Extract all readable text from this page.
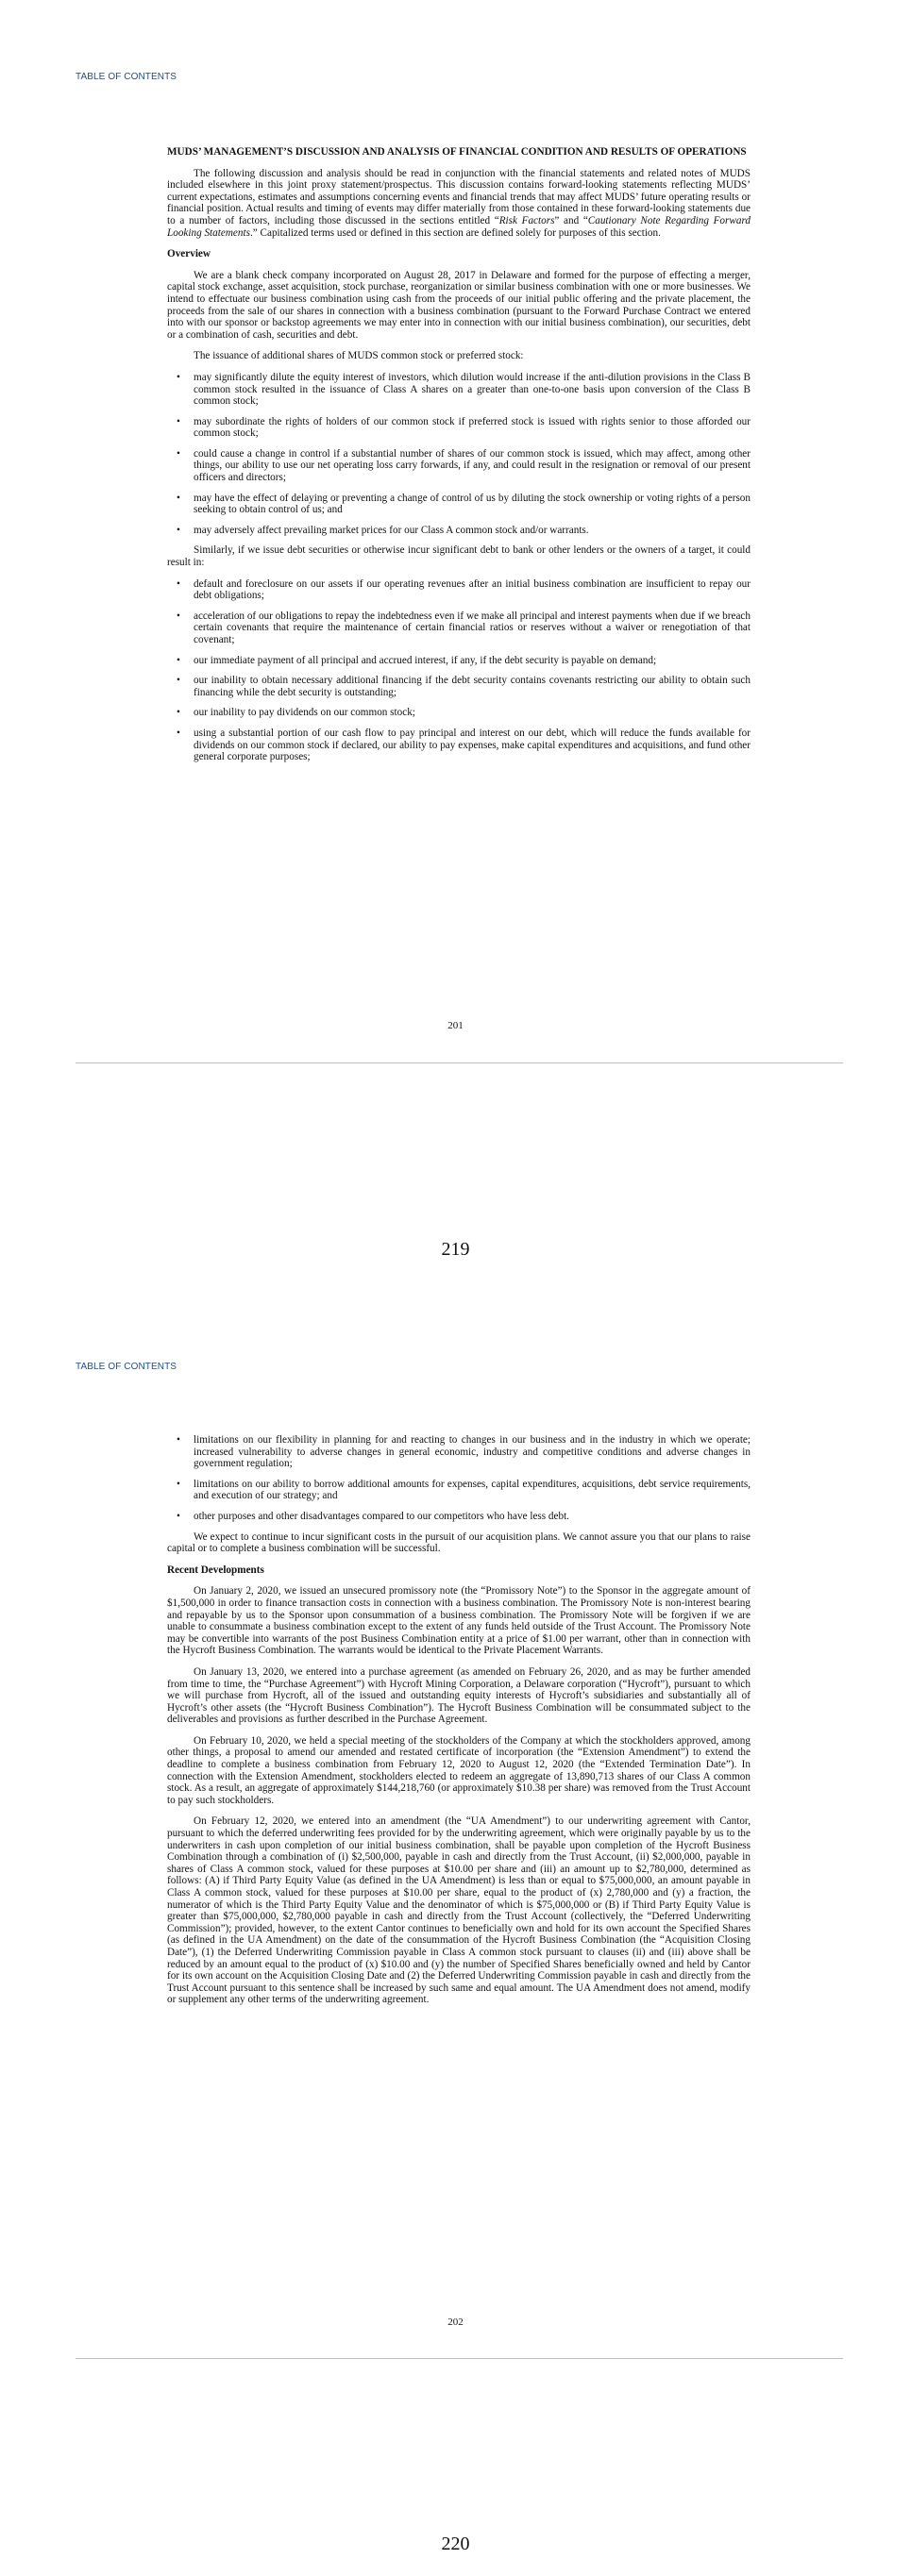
TABLE OF CONTENTS

MUDS’ MANAGEMENT’S DISCUSSION AND ANALYSIS OF FINANCIAL CONDITION AND RESULTS OF OPERATIONS

The following discussion and analysis should be read in conjunction with the financial statements and related notes of MUDS included elsewhere in this joint proxy statement/prospectus. This discussion contains forward-looking statements reflecting MUDS’ current expectations, estimates and assumptions concerning events and financial trends that may affect MUDS’ future operating results or financial position. Actual results and timing of events may differ materially from those contained in these forward-looking statements due to a number of factors, including those discussed in the sections entitled “Risk Factors” and “Cautionary Note Regarding Forward Looking Statements.” Capitalized terms used or defined in this section are defined solely for purposes of this section.

Overview

We are a blank check company incorporated on August 28, 2017 in Delaware and formed for the purpose of effecting a merger, capital stock exchange, asset acquisition, stock purchase, reorganization or similar business combination with one or more businesses. We intend to effectuate our business combination using cash from the proceeds of our initial public offering and the private placement, the proceeds from the sale of our shares in connection with a business combination (pursuant to the Forward Purchase Contract we entered into with our sponsor or backstop agreements we may enter into in connection with our initial business combination), our securities, debt or a combination of cash, securities and debt.

The issuance of additional shares of MUDS common stock or preferred stock:

• may significantly dilute the equity interest of investors, which dilution would increase if the anti-dilution provisions in the Class B common stock resulted in the issuance of Class A shares on a greater than one-to-one basis upon conversion of the Class B common stock;
• may subordinate the rights of holders of our common stock if preferred stock is issued with rights senior to those afforded our common stock;
• could cause a change in control if a substantial number of shares of our common stock is issued, which may affect, among other things, our ability to use our net operating loss carry forwards, if any, and could result in the resignation or removal of our present officers and directors;
• may have the effect of delaying or preventing a change of control of us by diluting the stock ownership or voting rights of a person seeking to obtain control of us; and
• may adversely affect prevailing market prices for our Class A common stock and/or warrants.

Similarly, if we issue debt securities or otherwise incur significant debt to bank or other lenders or the owners of a target, it could result in:

• default and foreclosure on our assets if our operating revenues after an initial business combination are insufficient to repay our debt obligations;
• acceleration of our obligations to repay the indebtedness even if we make all principal and interest payments when due if we breach certain covenants that require the maintenance of certain financial ratios or reserves without a waiver or renegotiation of that covenant;
• our immediate payment of all principal and accrued interest, if any, if the debt security is payable on demand;
• our inability to obtain necessary additional financing if the debt security contains covenants restricting our ability to obtain such financing while the debt security is outstanding;
• our inability to pay dividends on our common stock;
• using a substantial portion of our cash flow to pay principal and interest on our debt, which will reduce the funds available for dividends on our common stock if declared, our ability to pay expenses, make capital expenditures and acquisitions, and fund other general corporate purposes;
201
219
TABLE OF CONTENTS
• limitations on our flexibility in planning for and reacting to changes in our business and in the industry in which we operate; increased vulnerability to adverse changes in general economic, industry and competitive conditions and adverse changes in government regulation;
• limitations on our ability to borrow additional amounts for expenses, capital expenditures, acquisitions, debt service requirements, and execution of our strategy; and
• other purposes and other disadvantages compared to our competitors who have less debt.

We expect to continue to incur significant costs in the pursuit of our acquisition plans. We cannot assure you that our plans to raise capital or to complete a business combination will be successful.

Recent Developments

On January 2, 2020, we issued an unsecured promissory note (the “Promissory Note”) to the Sponsor in the aggregate amount of $1,500,000 in order to finance transaction costs in connection with a business combination. The Promissory Note is non-interest bearing and repayable by us to the Sponsor upon consummation of a business combination. The Promissory Note will be forgiven if we are unable to consummate a business combination except to the extent of any funds held outside of the Trust Account. The Promissory Note may be convertible into warrants of the post Business Combination entity at a price of $1.00 per warrant, other than in connection with the Hycroft Business Combination. The warrants would be identical to the Private Placement Warrants.

On January 13, 2020, we entered into a purchase agreement (as amended on February 26, 2020, and as may be further amended from time to time, the “Purchase Agreement”) with Hycroft Mining Corporation, a Delaware corporation (“Hycroft”), pursuant to which we will purchase from Hycroft, all of the issued and outstanding equity interests of Hycroft’s subsidiaries and substantially all of Hycroft’s other assets (the “Hycroft Business Combination”). The Hycroft Business Combination will be consummated subject to the deliverables and provisions as further described in the Purchase Agreement.

On February 10, 2020, we held a special meeting of the stockholders of the Company at which the stockholders approved, among other things, a proposal to amend our amended and restated certificate of incorporation (the “Extension Amendment”) to extend the deadline to complete a business combination from February 12, 2020 to August 12, 2020 (the “Extended Termination Date”). In connection with the Extension Amendment, stockholders elected to redeem an aggregate of 13,890,713 shares of our Class A common stock. As a result, an aggregate of approximately $144,218,760 (or approximately $10.38 per share) was removed from the Trust Account to pay such stockholders.

On February 12, 2020, we entered into an amendment (the “UA Amendment”) to our underwriting agreement with Cantor, pursuant to which the deferred underwriting fees provided for by the underwriting agreement, which were originally payable by us to the underwriters in cash upon completion of our initial business combination, shall be payable upon completion of the Hycroft Business Combination through a combination of (i) $2,500,000, payable in cash and directly from the Trust Account, (ii) $2,000,000, payable in shares of Class A common stock, valued for these purposes at $10.00 per share and (iii) an amount up to $2,780,000, determined as follows: (A) if Third Party Equity Value (as defined in the UA Amendment) is less than or equal to $75,000,000, an amount payable in Class A common stock, valued for these purposes at $10.00 per share, equal to the product of (x) 2,780,000 and (y) a fraction, the numerator of which is the Third Party Equity Value and the denominator of which is $75,000,000 or (B) if Third Party Equity Value is greater than $75,000,000, $2,780,000 payable in cash and directly from the Trust Account (collectively, the “Deferred Underwriting Commission”); provided, however, to the extent Cantor continues to beneficially own and hold for its own account the Specified Shares (as defined in the UA Amendment) on the date of the consummation of the Hycroft Business Combination (the “Acquisition Closing Date”), (1) the Deferred Underwriting Commission payable in Class A common stock pursuant to clauses (ii) and (iii) above shall be reduced by an amount equal to the product of (x) $10.00 and (y) the number of Specified Shares beneficially owned and held by Cantor for its own account on the Acquisition Closing Date and (2) the Deferred Underwriting Commission payable in cash and directly from the Trust Account pursuant to this sentence shall be increased by such same and equal amount. The UA Amendment does not amend, modify or supplement any other terms of the underwriting agreement.

202
220
